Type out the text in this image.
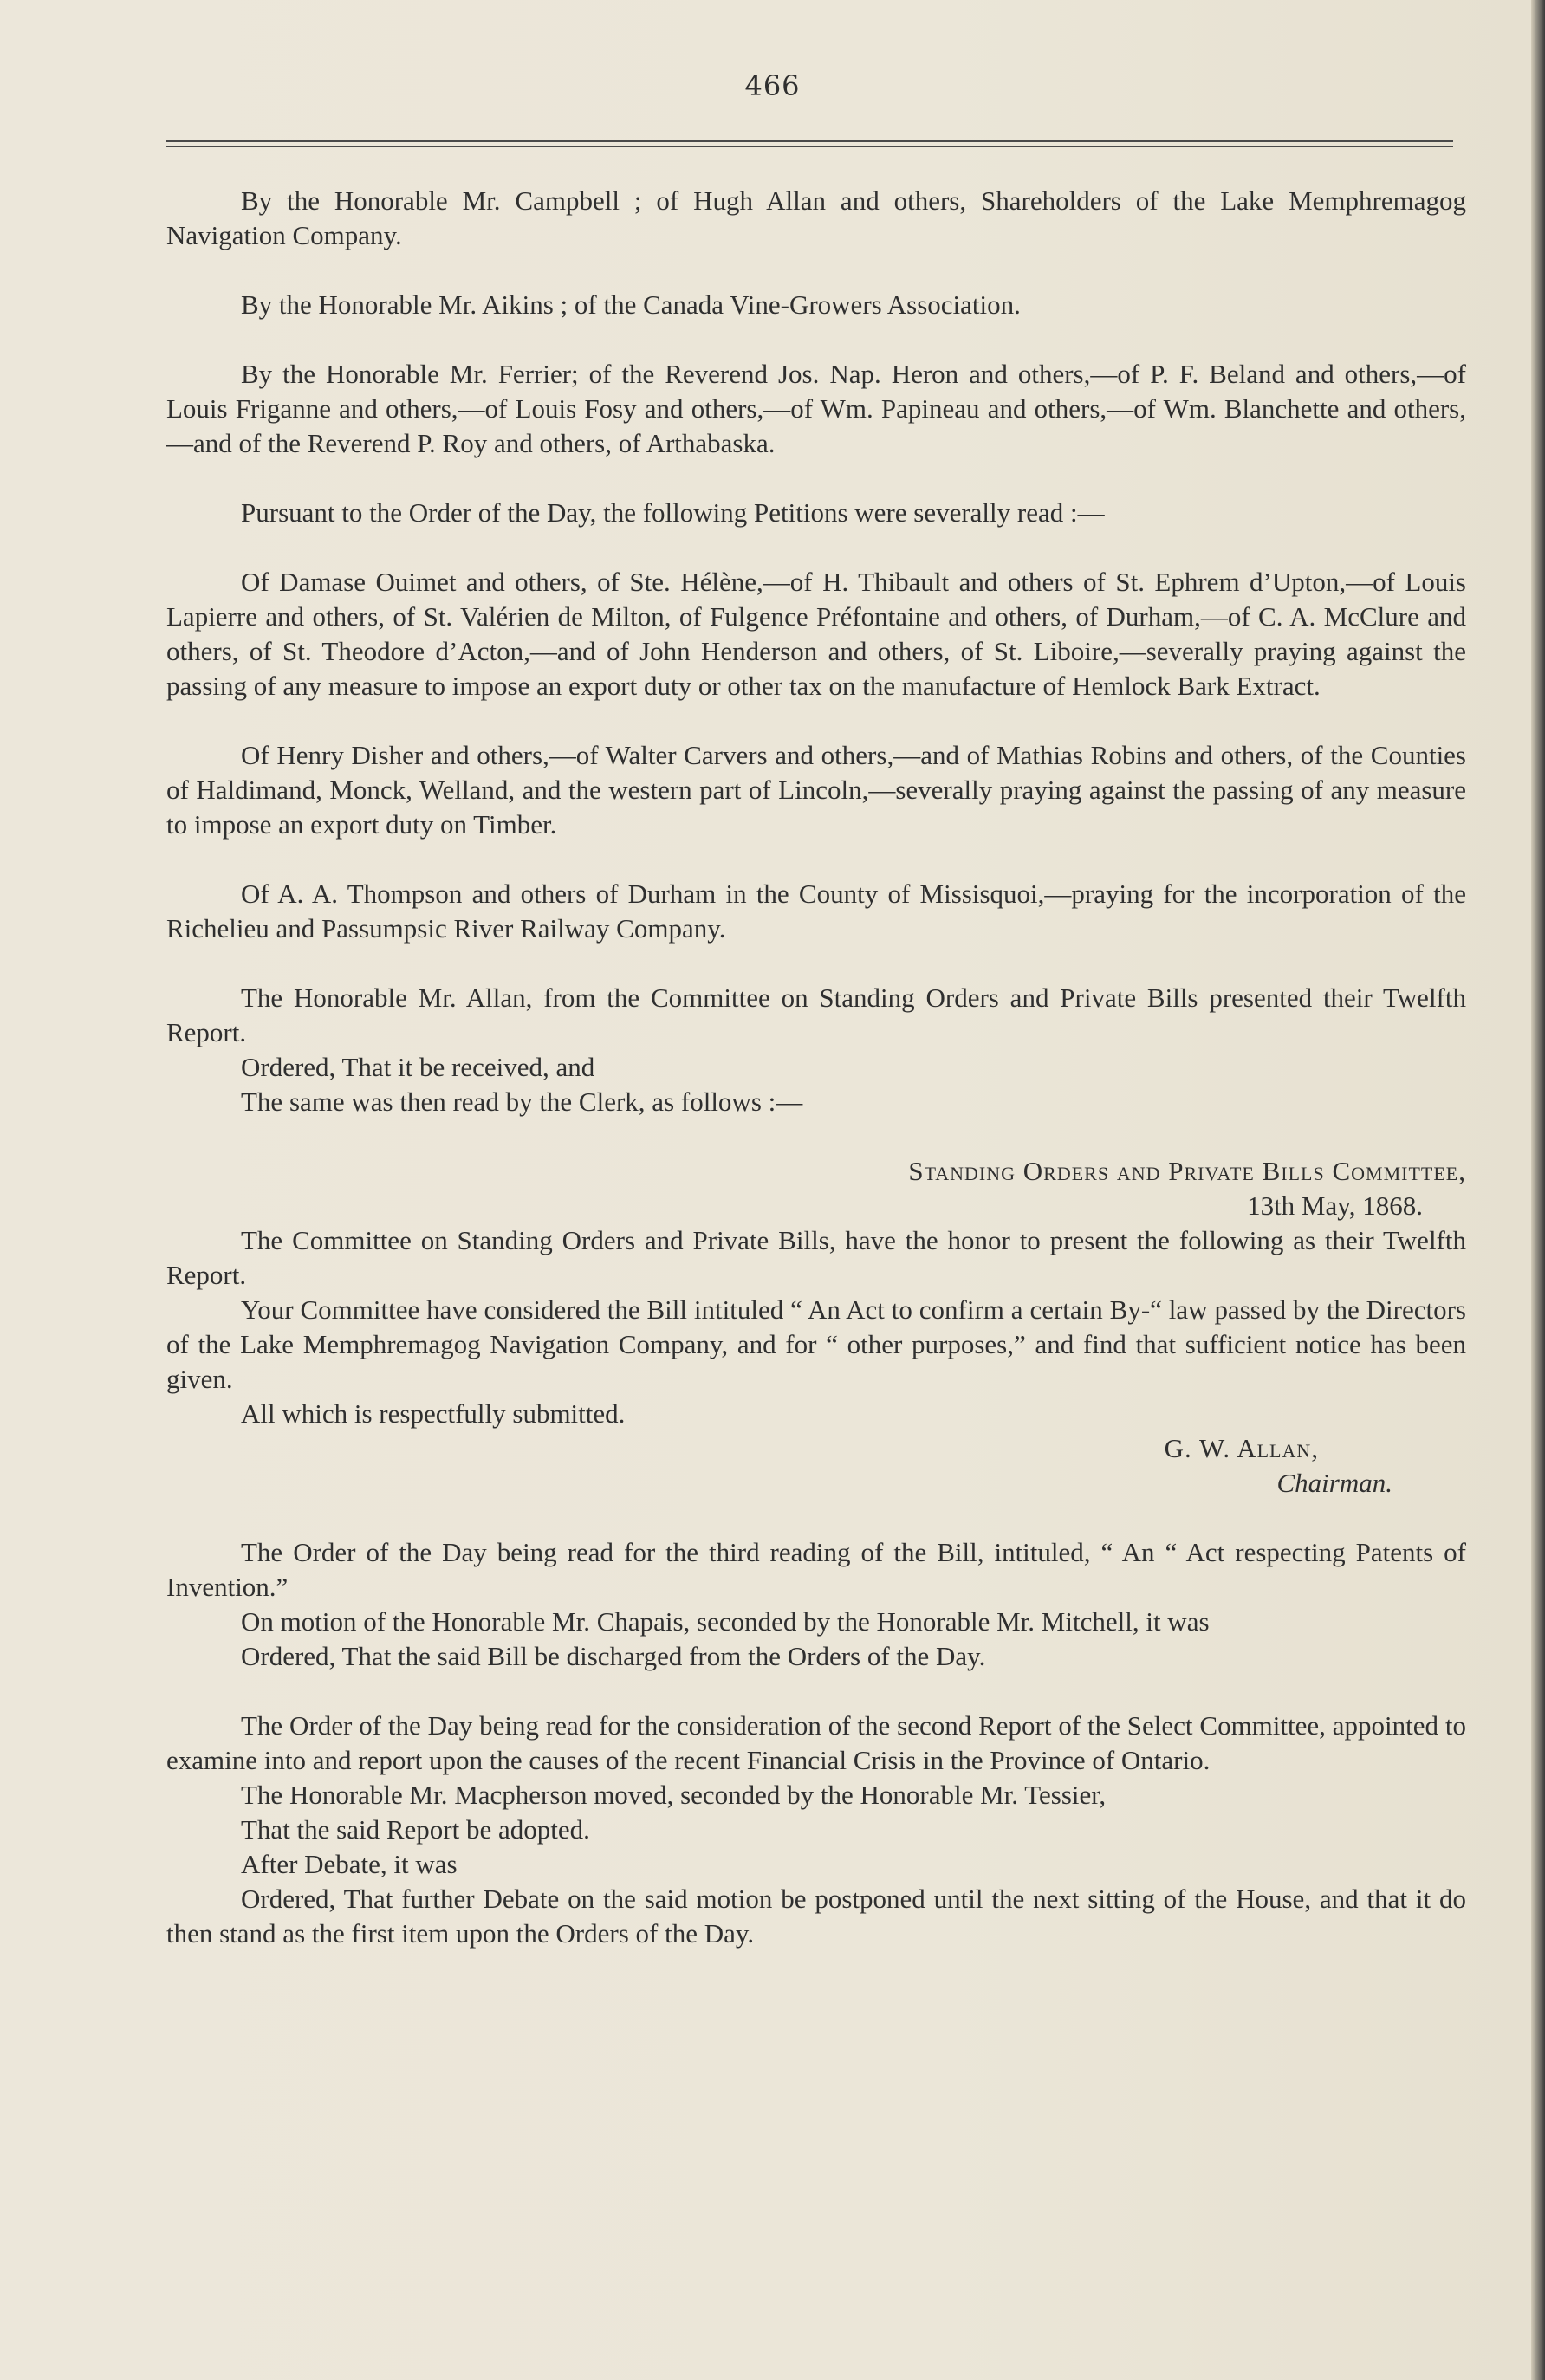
466

By the Honorable Mr. Campbell ; of Hugh Allan and others, Shareholders of the Lake Memphremagog Navigation Company.

By the Honorable Mr. Aikins ; of the Canada Vine-Growers Association.

By the Honorable Mr. Ferrier; of the Reverend Jos. Nap. Heron and others,—of P. F. Beland and others,—of Louis Friganne and others,—of Louis Fosy and others,—of Wm. Papineau and others,—of Wm. Blanchette and others,—and of the Reverend P. Roy and others, of Arthabaska.

Pursuant to the Order of the Day, the following Petitions were severally read :—

Of Damase Ouimet and others, of Ste. Hélène,—of H. Thibault and others of St. Ephrem d’Upton,—of Louis Lapierre and others, of St. Valérien de Milton, of Fulgence Préfontaine and others, of Durham,—of C. A. McClure and others, of St. Theodore d’Acton,—and of John Henderson and others, of St. Liboire,—severally praying against the passing of any measure to impose an export duty or other tax on the manufacture of Hemlock Bark Extract.

Of Henry Disher and others,—of Walter Carvers and others,—and of Mathias Robins and others, of the Counties of Haldimand, Monck, Welland, and the western part of Lincoln,—severally praying against the passing of any measure to impose an export duty on Timber.

Of A. A. Thompson and others of Durham in the County of Missisquoi,—praying for the incorporation of the Richelieu and Passumpsic River Railway Company.

The Honorable Mr. Allan, from the Committee on Standing Orders and Private Bills presented their Twelfth Report.

Ordered, That it be received, and

The same was then read by the Clerk, as follows :—

Standing Orders and Private Bills Committee,

13th May, 1868.

The Committee on Standing Orders and Private Bills, have the honor to present the following as their Twelfth Report.

Your Committee have considered the Bill intituled “ An Act to confirm a certain By-“ law passed by the Directors of the Lake Memphremagog Navigation Company, and for “ other purposes,” and find that sufficient notice has been given.

All which is respectfully submitted.

G. W. Allan,

Chairman.

The Order of the Day being read for the third reading of the Bill, intituled, “ An “ Act respecting Patents of Invention.”

On motion of the Honorable Mr. Chapais, seconded by the Honorable Mr. Mitchell, it was

Ordered, That the said Bill be discharged from the Orders of the Day.

The Order of the Day being read for the consideration of the second Report of the Select Committee, appointed to examine into and report upon the causes of the recent Financial Crisis in the Province of Ontario.

The Honorable Mr. Macpherson moved, seconded by the Honorable Mr. Tessier,

That the said Report be adopted.

After Debate, it was

Ordered, That further Debate on the said motion be postponed until the next sitting of the House, and that it do then stand as the first item upon the Orders of the Day.
